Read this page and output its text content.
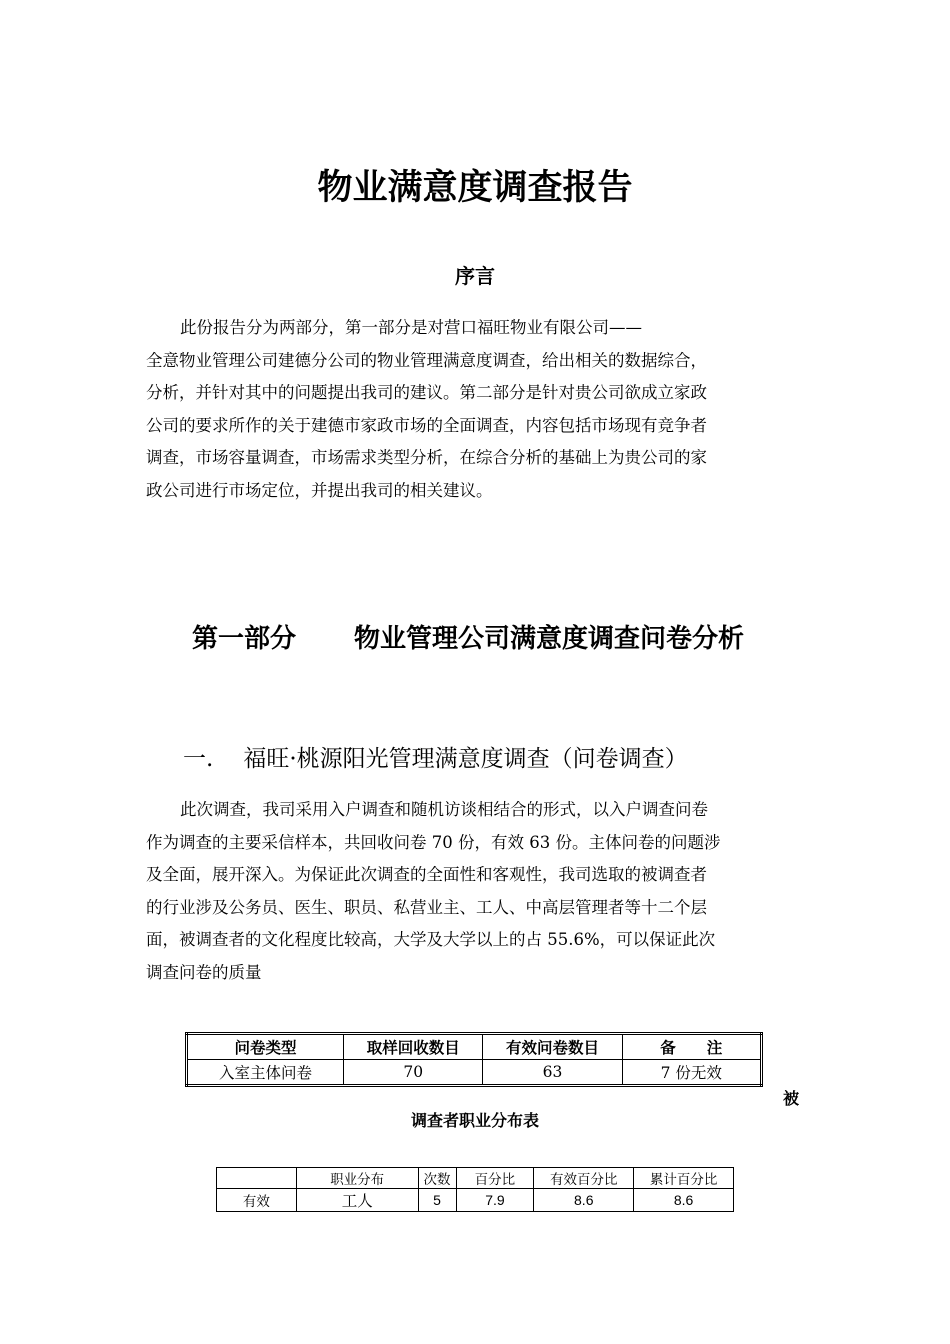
物业满意度调查报告
序言
此份报告分为两部分，第一部分是对营口福旺物业有限公司——
全意物业管理公司建德分公司的物业管理满意度调查，给出相关的数据综合，
分析，并针对其中的问题提出我司的建议。第二部分是针对贵公司欲成立家政
公司的要求所作的关于建德市家政市场的全面调查，内容包括市场现有竞争者
调查，市场容量调查，市场需求类型分析，在综合分析的基础上为贵公司的家
政公司进行市场定位，并提出我司的相关建议。
第一部分 物业管理公司满意度调查问卷分析
一. 福旺·桃源阳光管理满意度调查（问卷调查）
此次调查，我司采用入户调查和随机访谈相结合的形式，以入户调查问卷
作为调查的主要采信样本，共回收问卷 70 份，有效 63 份。主体问卷的问题涉
及全面，展开深入。为保证此次调查的全面性和客观性，我司选取的被调查者
的行业涉及公务员、医生、职员、私营业主、工人、中高层管理者等十二个层
面，被调查者的文化程度比较高，大学及大学以上的占 55.6%，可以保证此次
调查问卷的质量
问卷类型	取样回收数目	有效问卷数目	备　　注
入室主体问卷	70	63	7 份无效
被
调查者职业分布表
	职业分布	次数	百分比	有效百分比	累计百分比
有效	工人	5	7.9	8.6	8.6
